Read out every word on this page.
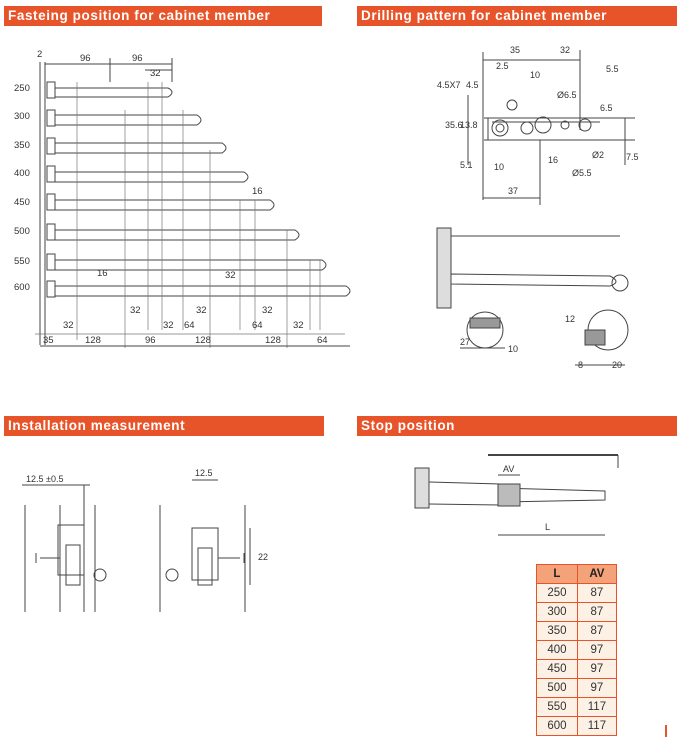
Fasteing position for cabinet member	Drilling pattern for cabinet member
Installation measurement	Stop position
250
300
350
400
450
500
550
600
2	96	96
32
16
16	32
32
32
32
32	32
64	64	32
35	128	96	128	128	64
35	32
2.5
10
5.5
4.5X7 4.5
Ø6.5
35.6
13.8
6.5
5.1 10
16	Ø2 7.5
Ø5.5
37
27
10
12
8	20
12.5 ±0.5
12.5
22
AV
L
L	AV
250	87
300	87
350	87
400	97
450	97
500	97
550	117
600	117
